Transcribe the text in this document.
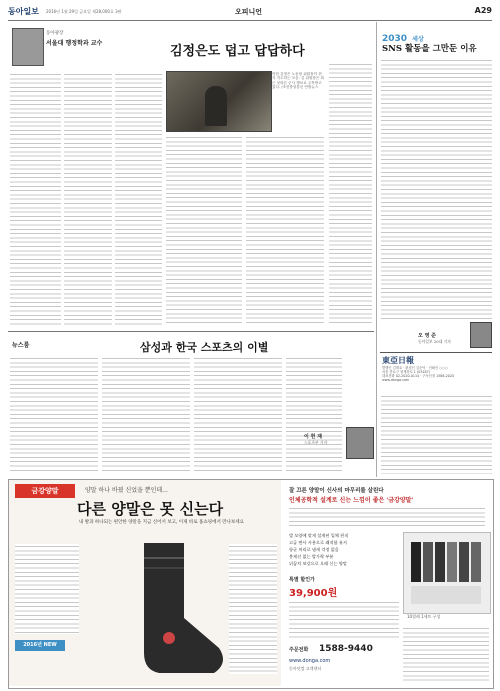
동아일보 2016년 1월 29일 금요일 제28,000호 3판	오피니언	A29
동아광장
서울대 행정학과 교수
김정은도 덥고 답답하다
북한 김정은 노동당 위원장이 현지 지도하는 모습. 김 위원장은 최근 잇따른 군사 행보로 주목받고 있다. /조선중앙통신 연합뉴스
2030 세상
SNS 활동을 그만둔 이유
오 영 준
동아일보 20대 기자
東亞日報
발행인 김재호 · 편집인 김순덕 · 인쇄인 ○○○
서울 종로구 청계천로 1 (03187)
대표전화 02-2020-0114 · 구독신청 1588-2020
www.donga.com
뉴스룸	삼성과 한국 스포츠의 이별
이 헌 재
스포츠부 기자
금강양말	양말 하나 바꿨 신었을 뿐인데...
다른 양말은 못 신는다
내 발과 하나되는 편안한 양말을 지금 신어서 보고, 이제 바로 홈쇼핑에서 만나보세요
2016년 NEW
잘 끄른 양말이 신사의 마무리를 살린다
인체공학적 설계로 신는 느낌이 좋은 '금강양말'
발 모양에 맞게 설계된 입체 편직
고급 면사 사용으로 쾌적함 유지
항균 처리로 냄새 걱정 없음
봉제선 없는 발가락 부분
뒤꿈치 보강으로 오래 신는 양말
10켤레 1세트 구성
특별 할인가
39,900원
주문전화 1588-9440
www.donga.com
동아닷컴 고객센터
